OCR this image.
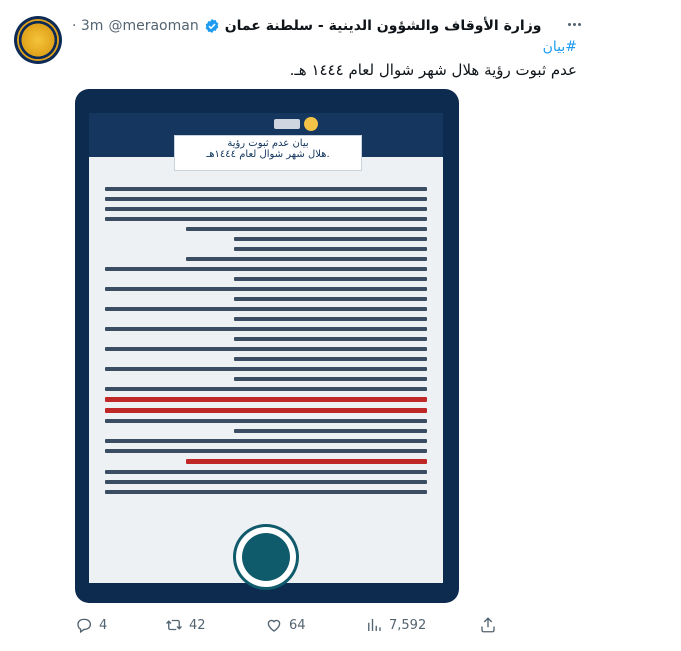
وزارة الأوقاف والشؤون الدينية - سلطنة عمان
@meraoman
· 3m
#بيان
عدم ثبوت رؤية هلال شهر شوال لعام ١٤٤٤ هـ.
بيان عدم ثبوت رؤية
هلال شهر شوال لعام ١٤٤٤هـ.
4	42	64	7,592
